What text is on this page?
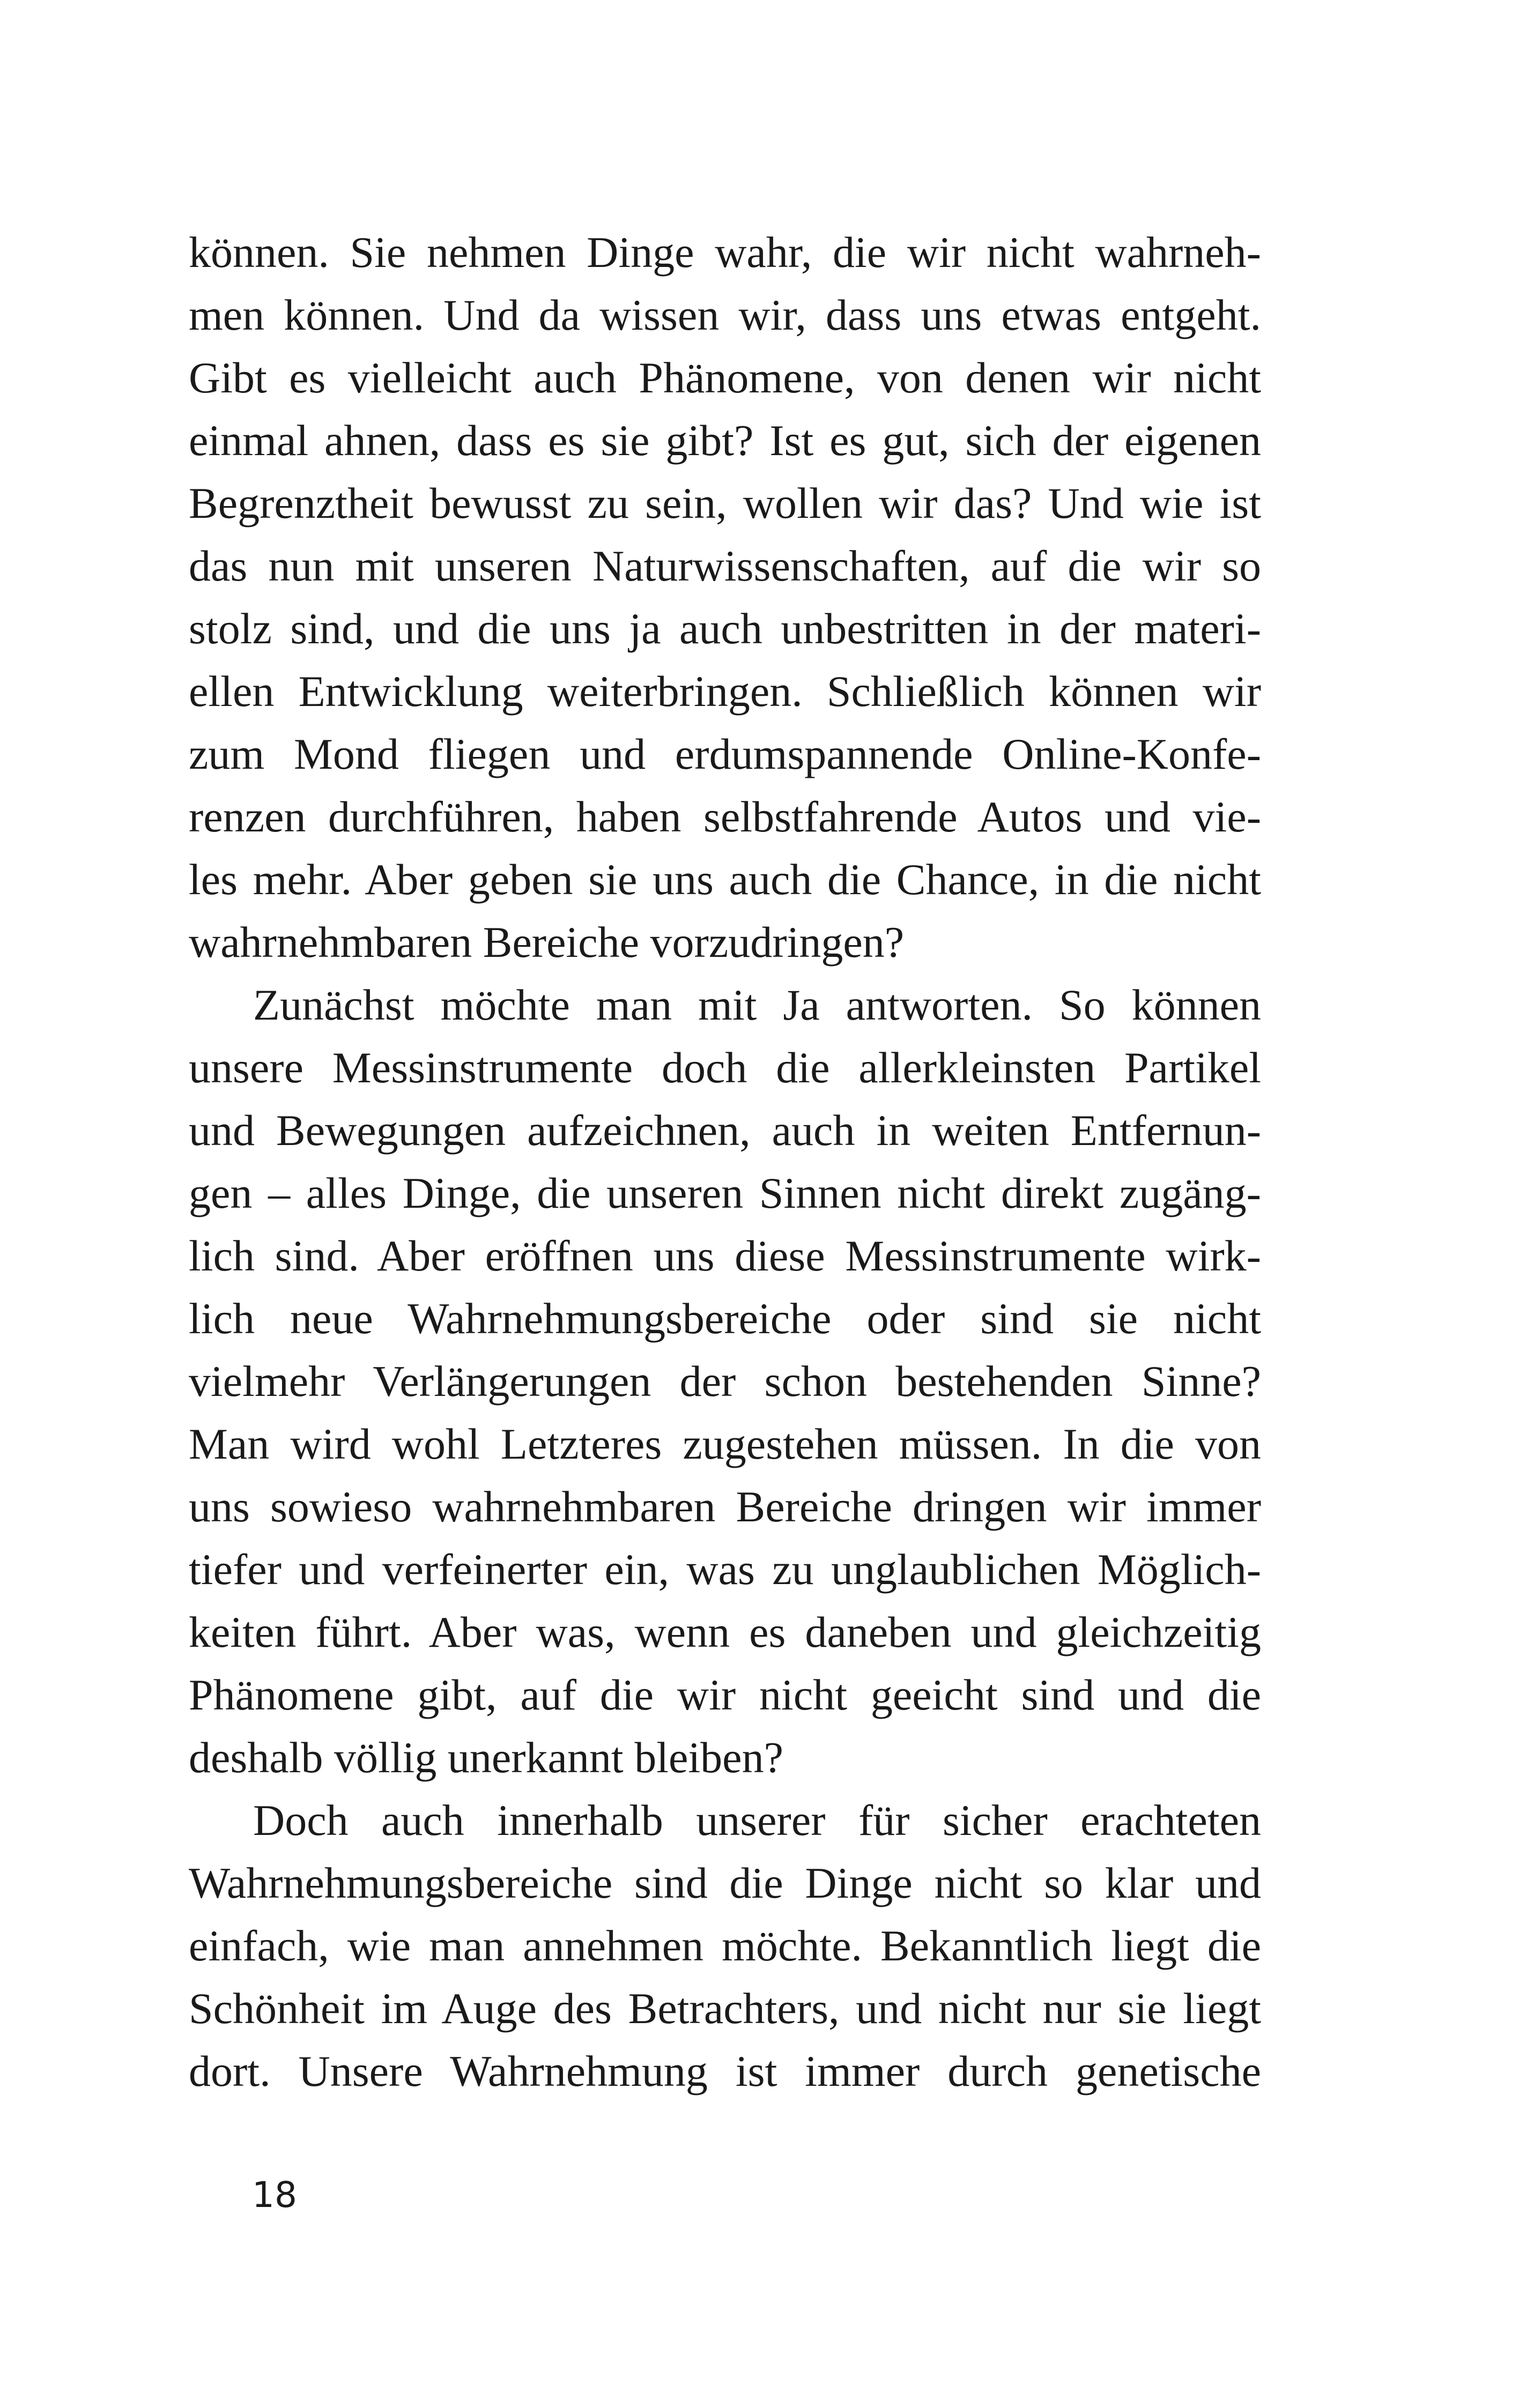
können. Sie nehmen Dinge wahr, die wir nicht wahrneh-
men können. Und da wissen wir, dass uns etwas entgeht.
Gibt es vielleicht auch Phänomene, von denen wir nicht
einmal ahnen, dass es sie gibt? Ist es gut, sich der eigenen
Begrenztheit bewusst zu sein, wollen wir das? Und wie ist
das nun mit unseren Naturwissenschaften, auf die wir so
stolz sind, und die uns ja auch unbestritten in der materi-
ellen Entwicklung weiterbringen. Schließlich können wir
zum Mond fliegen und erdumspannende Online-Konfe-
renzen durchführen, haben selbstfahrende Autos und vie-
les mehr. Aber geben sie uns auch die Chance, in die nicht
wahrnehmbaren Bereiche vorzudringen?
Zunächst möchte man mit Ja antworten. So können
unsere Messinstrumente doch die allerkleinsten Partikel
und Bewegungen aufzeichnen, auch in weiten Entfernun-
gen – alles Dinge, die unseren Sinnen nicht direkt zugäng-
lich sind. Aber eröffnen uns diese Messinstrumente wirk-
lich neue Wahrnehmungsbereiche oder sind sie nicht
vielmehr Verlängerungen der schon bestehenden Sinne?
Man wird wohl Letzteres zugestehen müssen. In die von
uns sowieso wahrnehmbaren Bereiche dringen wir immer
tiefer und verfeinerter ein, was zu unglaublichen Möglich-
keiten führt. Aber was, wenn es daneben und gleichzeitig
Phänomene gibt, auf die wir nicht geeicht sind und die
deshalb völlig unerkannt bleiben?
Doch auch innerhalb unserer für sicher erachteten
Wahrnehmungsbereiche sind die Dinge nicht so klar und
einfach, wie man annehmen möchte. Bekanntlich liegt die
Schönheit im Auge des Betrachters, und nicht nur sie liegt
dort. Unsere Wahrnehmung ist immer durch genetische
18
